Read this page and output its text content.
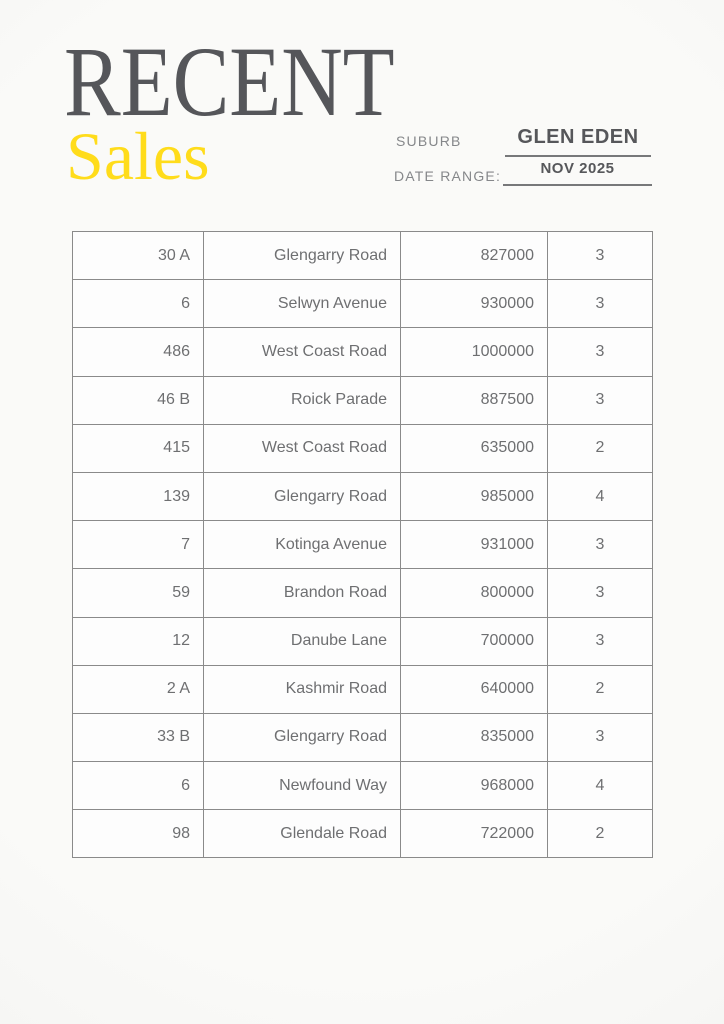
RECENT
Sales	SUBURB	GLEN EDEN
DATE RANGE:	NOV 2025
30 A	Glengarry Road	827000	3
6	Selwyn Avenue	930000	3
486	West Coast Road	1000000	3
46 B	Roick Parade	887500	3
415	West Coast Road	635000	2
139	Glengarry Road	985000	4
7	Kotinga Avenue	931000	3
59	Brandon Road	800000	3
12	Danube Lane	700000	3
2 A	Kashmir Road	640000	2
33 B	Glengarry Road	835000	3
6	Newfound Way	968000	4
98	Glendale Road	722000	2
